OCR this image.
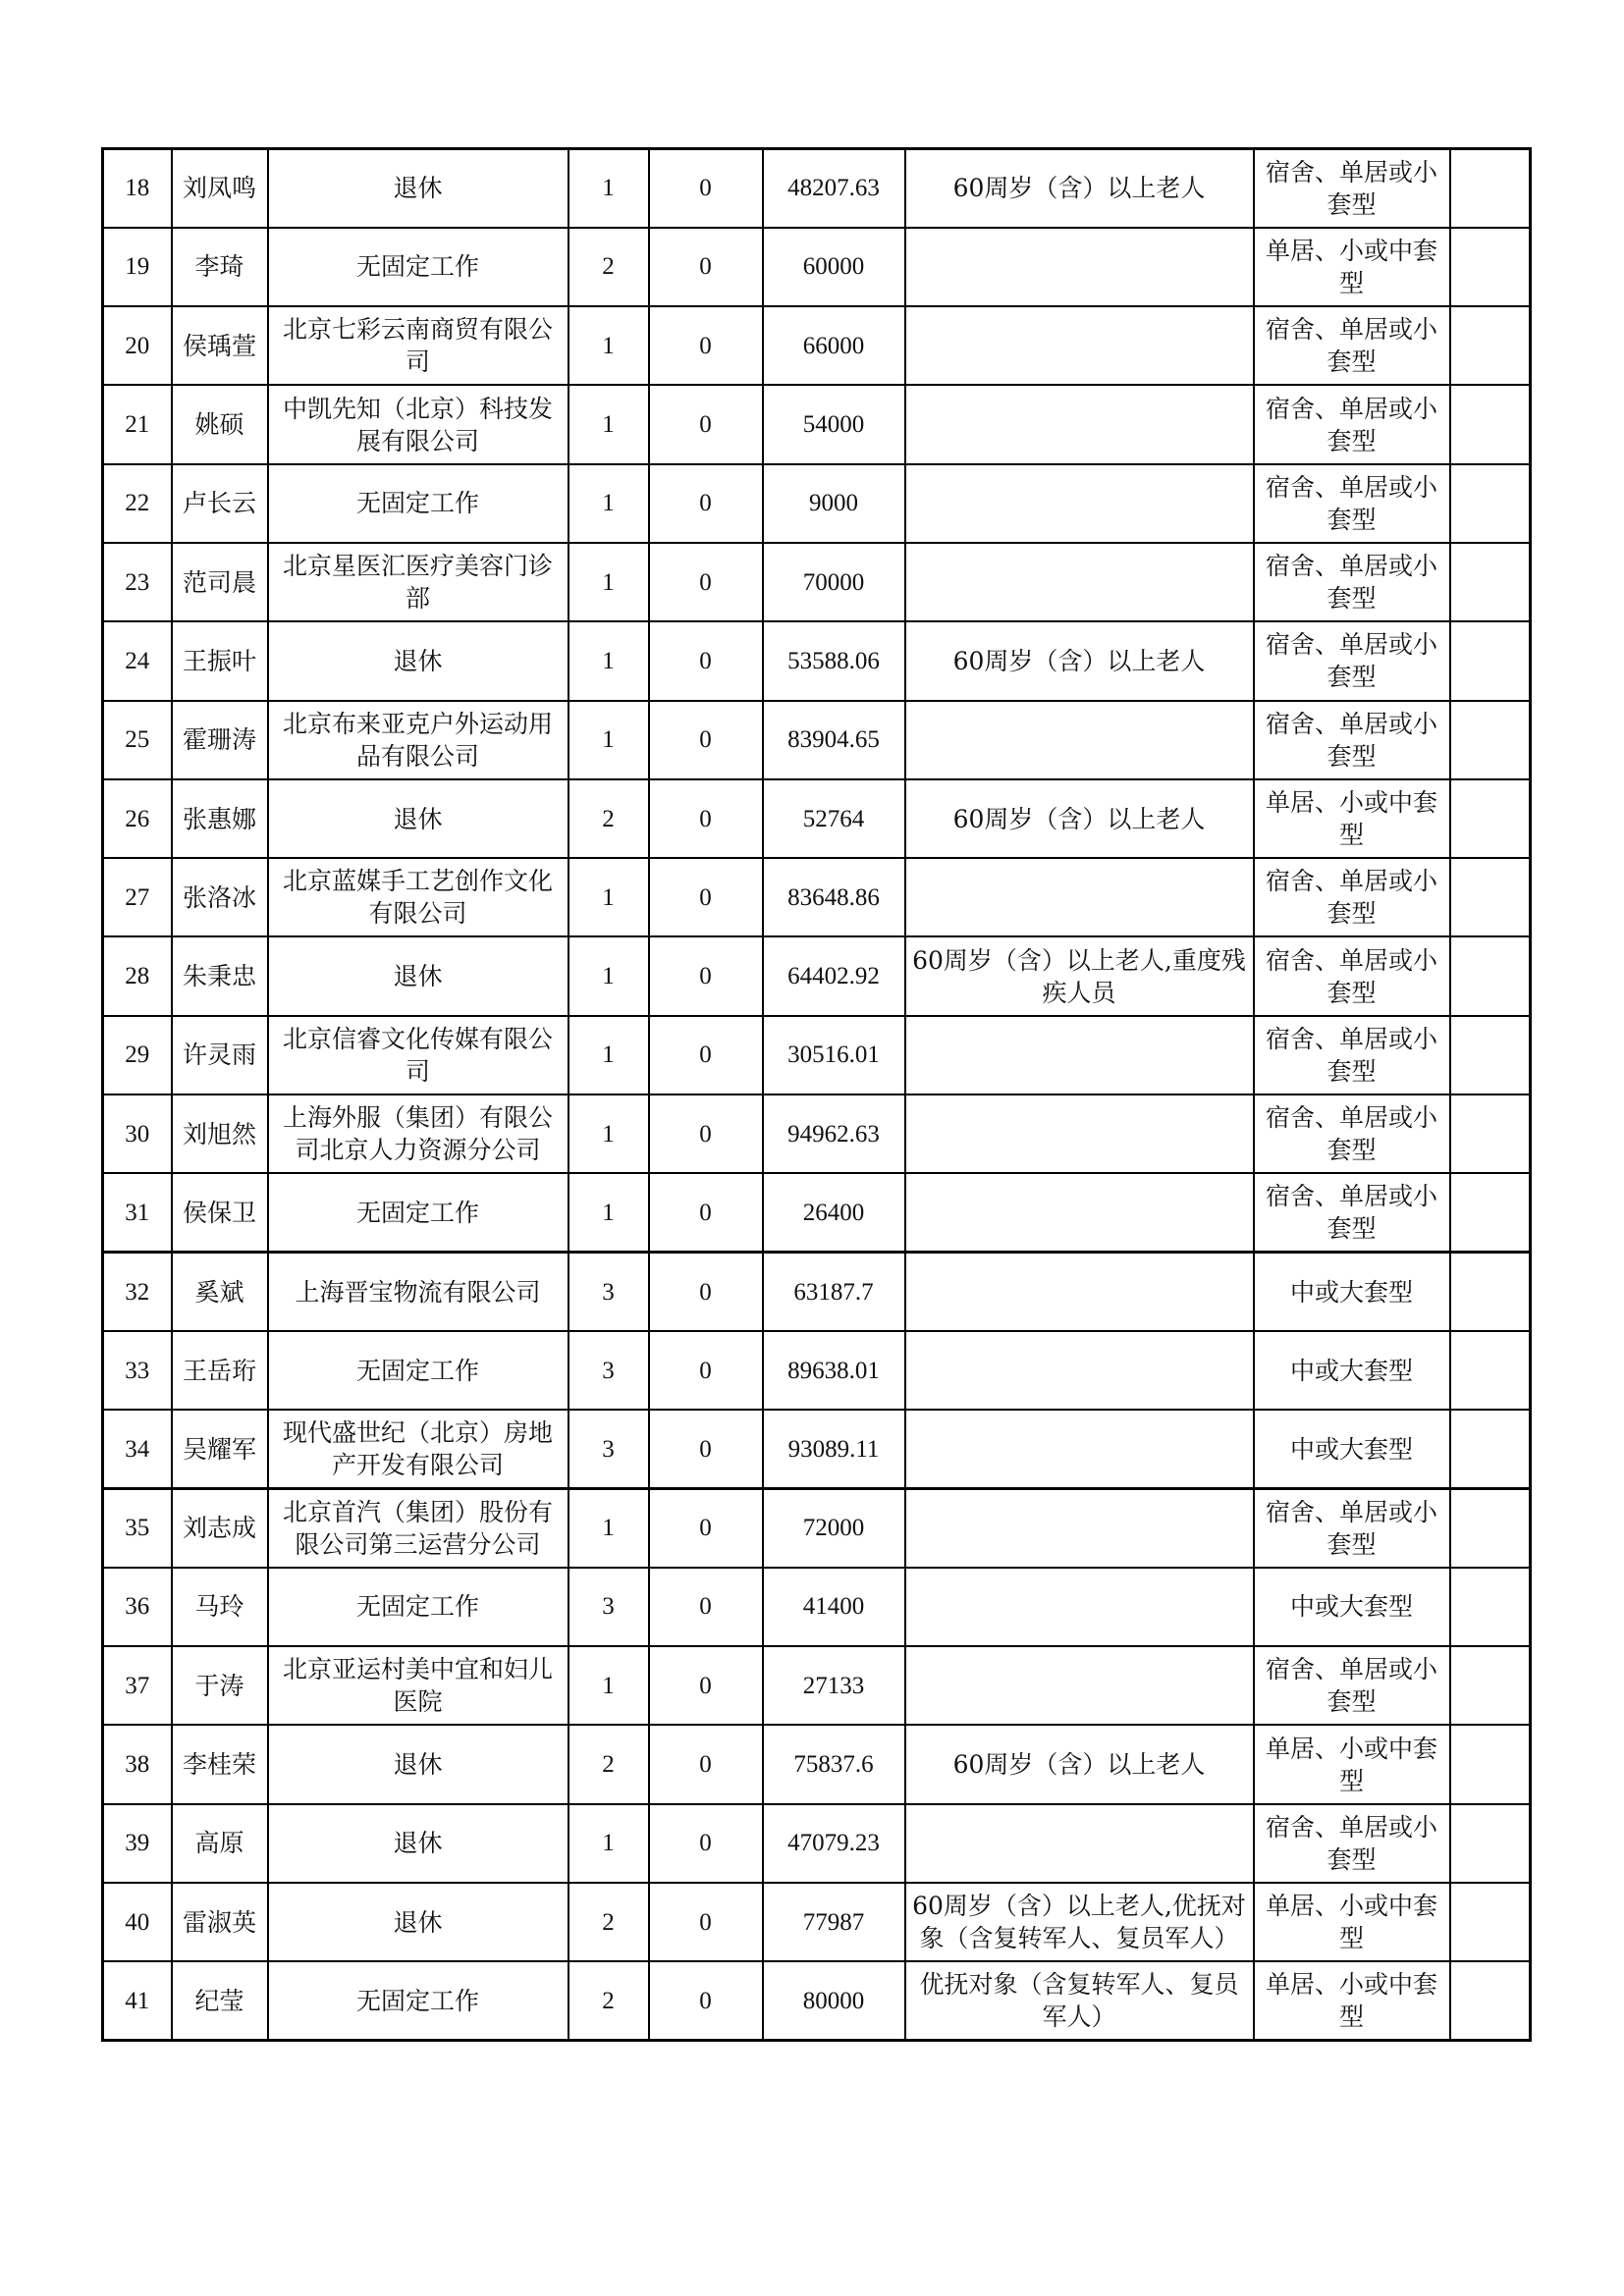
18	刘凤鸣	退休	1	0	48207.63	60周岁（含）以上老人	宿舍、单居或小套型	
19	李琦	无固定工作	2	0	60000		单居、小或中套型	
20	侯瑀萱	北京七彩云南商贸有限公司	1	0	66000		宿舍、单居或小套型	
21	姚硕	中凯先知（北京）科技发展有限公司	1	0	54000		宿舍、单居或小套型	
22	卢长云	无固定工作	1	0	9000		宿舍、单居或小套型	
23	范司晨	北京星医汇医疗美容门诊部	1	0	70000		宿舍、单居或小套型	
24	王振叶	退休	1	0	53588.06	60周岁（含）以上老人	宿舍、单居或小套型	
25	霍珊涛	北京布来亚克户外运动用品有限公司	1	0	83904.65		宿舍、单居或小套型	
26	张惠娜	退休	2	0	52764	60周岁（含）以上老人	单居、小或中套型	
27	张洛冰	北京蓝媒手工艺创作文化有限公司	1	0	83648.86		宿舍、单居或小套型	
28	朱秉忠	退休	1	0	64402.92	60周岁（含）以上老人,重度残疾人员	宿舍、单居或小套型	
29	许灵雨	北京信睿文化传媒有限公司	1	0	30516.01		宿舍、单居或小套型	
30	刘旭然	上海外服（集团）有限公司北京人力资源分公司	1	0	94962.63		宿舍、单居或小套型	
31	侯保卫	无固定工作	1	0	26400		宿舍、单居或小套型	
32	奚斌	上海晋宝物流有限公司	3	0	63187.7		中或大套型	
33	王岳珩	无固定工作	3	0	89638.01		中或大套型	
34	吴耀军	现代盛世纪（北京）房地产开发有限公司	3	0	93089.11		中或大套型	
35	刘志成	北京首汽（集团）股份有限公司第三运营分公司	1	0	72000		宿舍、单居或小套型	
36	马玲	无固定工作	3	0	41400		中或大套型	
37	于涛	北京亚运村美中宜和妇儿医院	1	0	27133		宿舍、单居或小套型	
38	李桂荣	退休	2	0	75837.6	60周岁（含）以上老人	单居、小或中套型	
39	高原	退休	1	0	47079.23		宿舍、单居或小套型	
40	雷淑英	退休	2	0	77987	60周岁（含）以上老人,优抚对象（含复转军人、复员军人）	单居、小或中套型	
41	纪莹	无固定工作	2	0	80000	优抚对象（含复转军人、复员军人）	单居、小或中套型	
